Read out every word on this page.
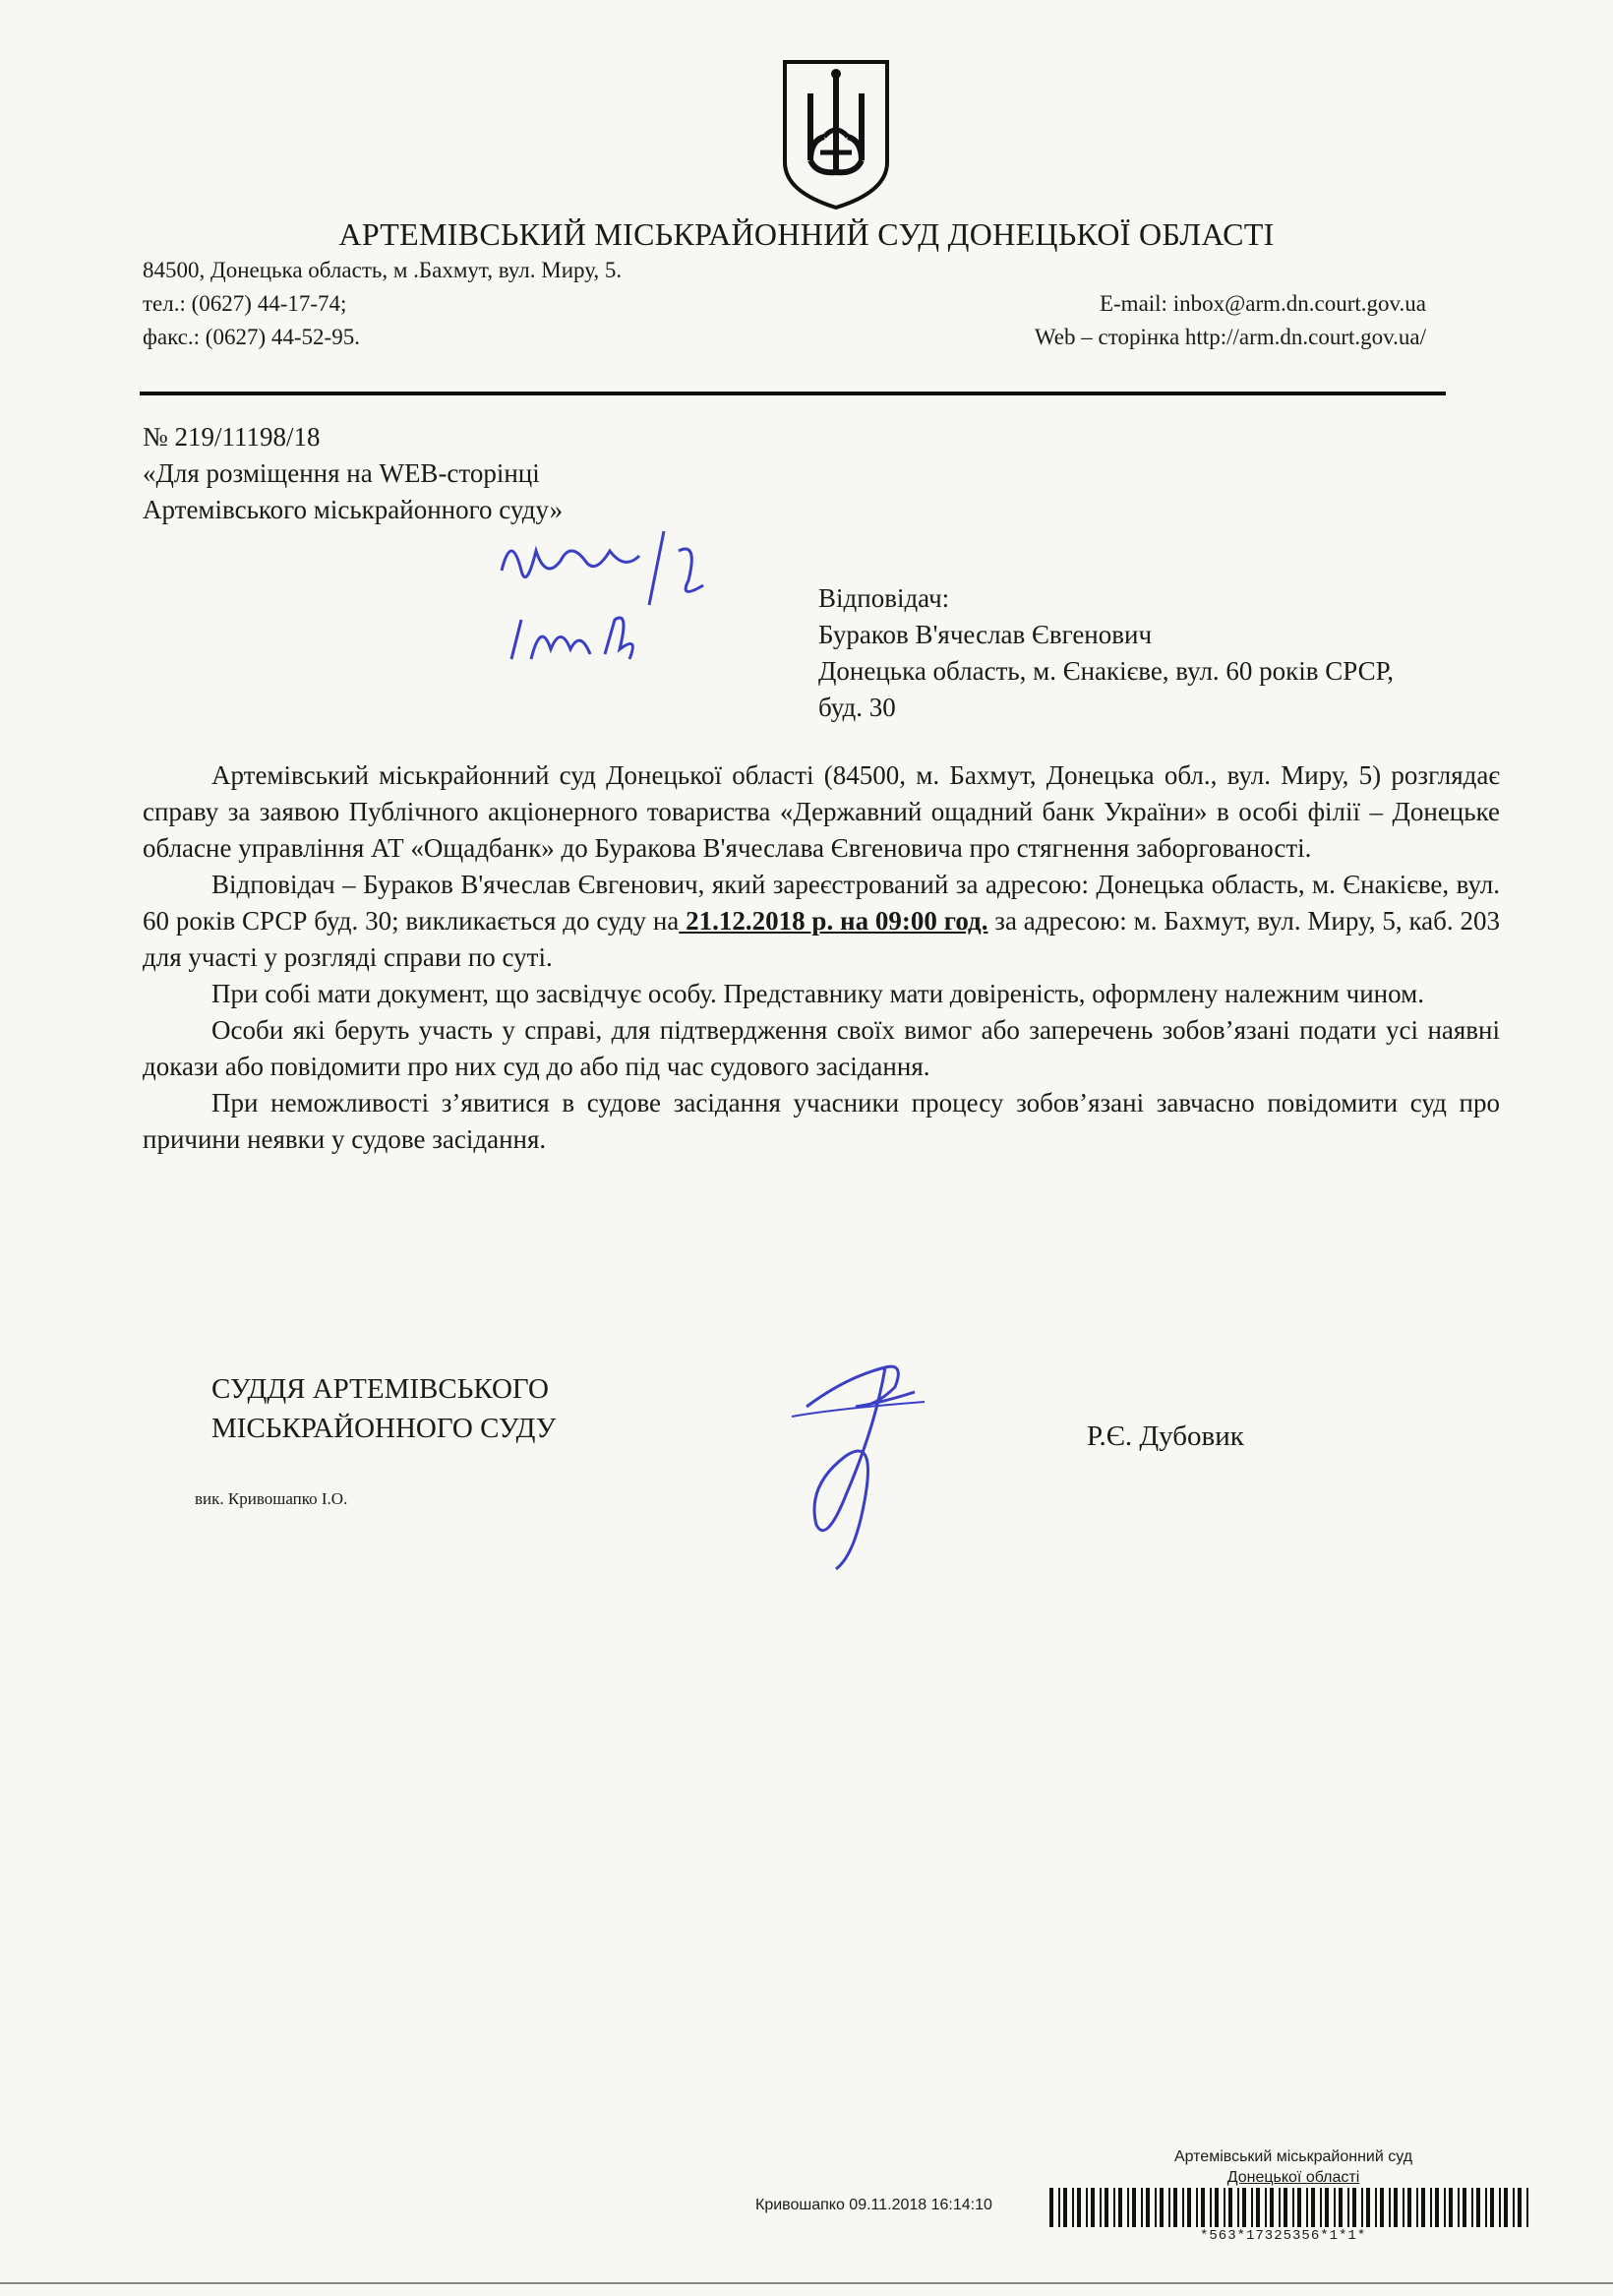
АРТЕМІВСЬКИЙ МІСЬКРАЙОННИЙ СУД ДОНЕЦЬКОЇ ОБЛАСТІ
84500, Донецька область, м .Бахмут, вул. Миру, 5.
тел.: (0627) 44-17-74;
факс.: (0627) 44-52-95.
E-mail: inbox@arm.dn.court.gov.ua
Web – сторінка http://arm.dn.court.gov.ua/
№ 219/11198/18
«Для розміщення на WEB-сторінці
Артемівського міськрайонного суду»
Відповідач:
Бураков В'ячеслав Євгенович
Донецька область, м. Єнакієве, вул. 60 років СРСР,
буд. 30

Артемівський міськрайонний суд Донецької області (84500, м. Бахмут, Донецька обл., вул. Миру, 5) розглядає справу за заявою Публічного акціонерного товариства «Державний ощадний банк України» в особі філії – Донецьке обласне управління АТ «Ощадбанк» до Буракова В'ячеслава Євгеновича про стягнення заборгованості.

Відповідач – Бураков В'ячеслав Євгенович, який зареєстрований за адресою: Донецька область, м. Єнакієве, вул. 60 років СРСР буд. 30; викликається до суду на 21.12.2018 р. на 09:00 год. за адресою: м. Бахмут, вул. Миру, 5, каб. 203 для участі у розгляді справи по суті.

При собі мати документ, що засвідчує особу. Представнику мати довіреність, оформлену належним чином.

Особи які беруть участь у справі, для підтвердження своїх вимог або заперечень зобов’язані подати усі наявні докази або повідомити про них суд до або під час судового засідання.

При неможливості з’явитися в судове засідання учасники процесу зобов’язані завчасно повідомити суд про причини неявки у судове засідання.

СУДДЯ АРТЕМІВСЬКОГО
МІСЬКРАЙОННОГО СУДУ
вик. Кривошапко І.О.
Р.Є. Дубовик
Артемівський міськрайонний суд
Донецької області
Кривошапко 09.11.2018 16:14:10
*563*17325356*1*1*
